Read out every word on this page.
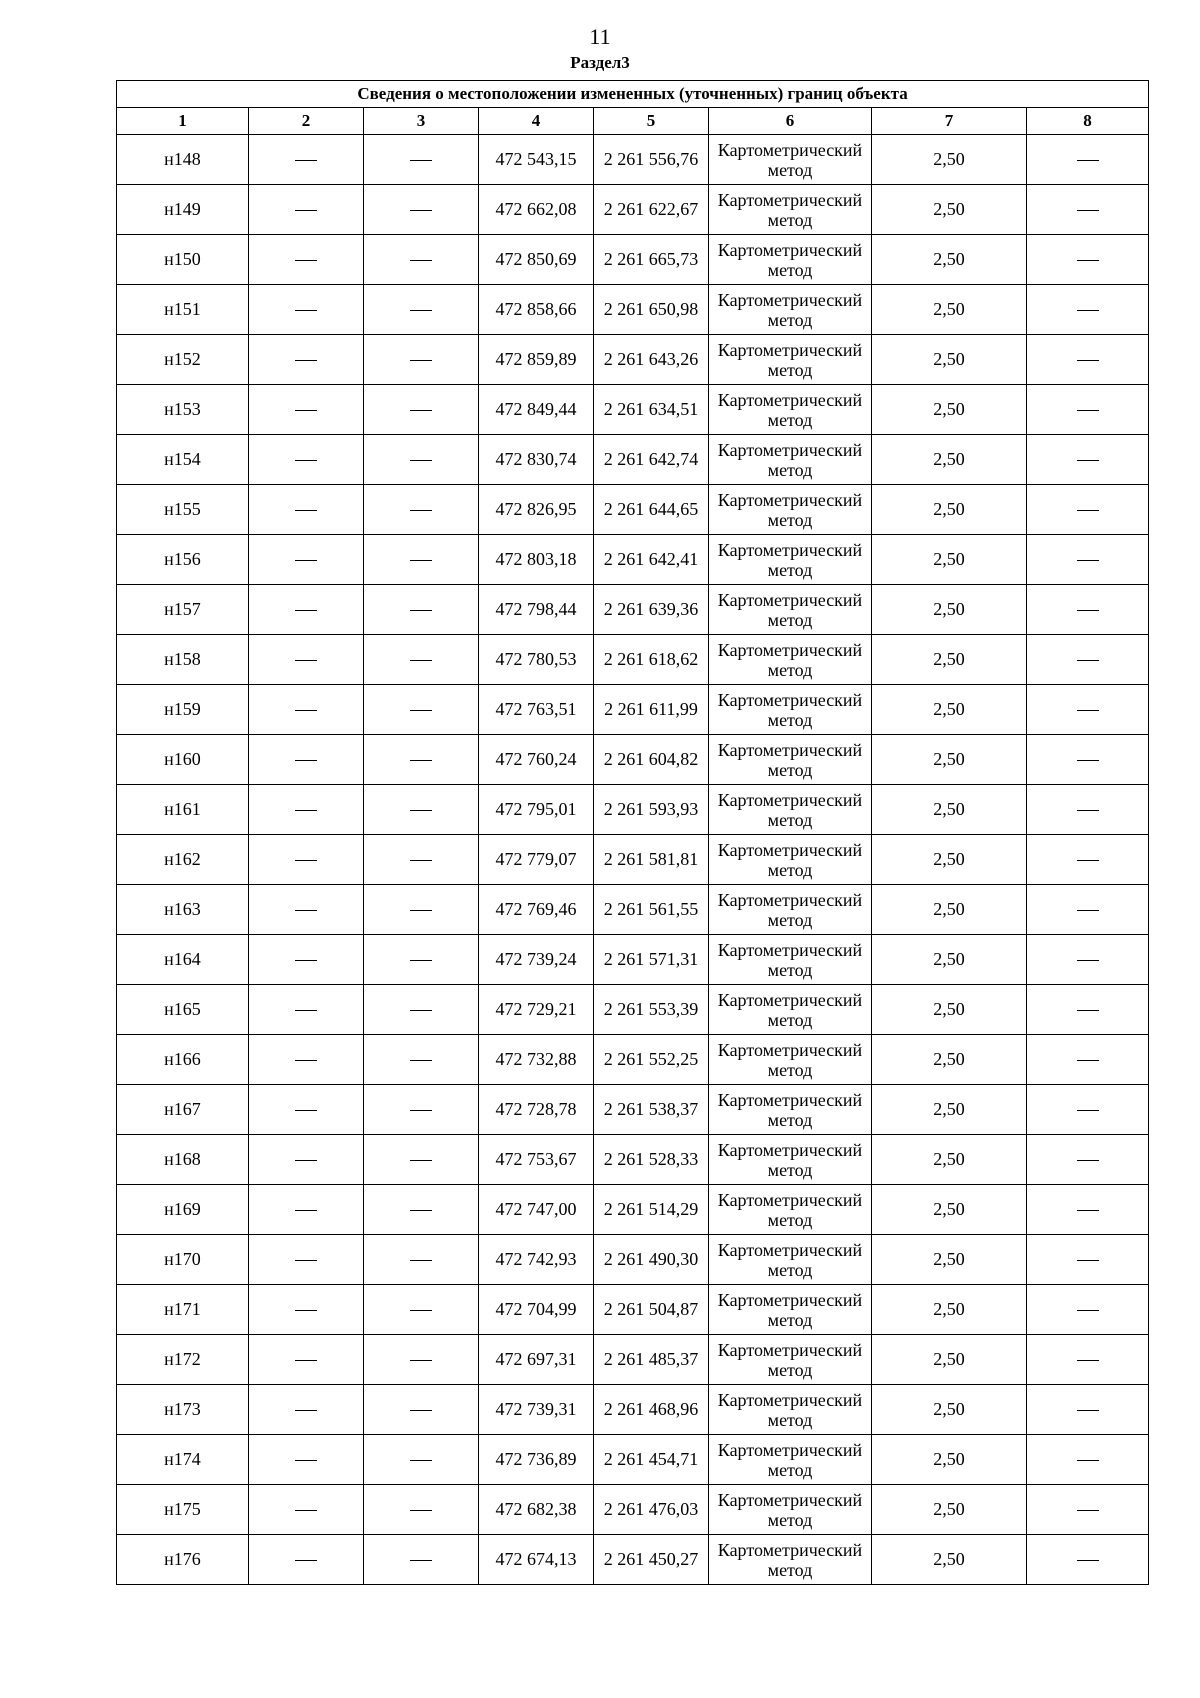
11
Раздел3
Сведения о местоположении измененных (уточненных) границ объекта							
1	2	3	4	5	6	7	8
н148			472 543,15	2 261 556,76	Картометрический метод	2,50	
н149			472 662,08	2 261 622,67	Картометрический метод	2,50	
н150			472 850,69	2 261 665,73	Картометрический метод	2,50	
н151			472 858,66	2 261 650,98	Картометрический метод	2,50	
н152			472 859,89	2 261 643,26	Картометрический метод	2,50	
н153			472 849,44	2 261 634,51	Картометрический метод	2,50	
н154			472 830,74	2 261 642,74	Картометрический метод	2,50	
н155			472 826,95	2 261 644,65	Картометрический метод	2,50	
н156			472 803,18	2 261 642,41	Картометрический метод	2,50	
н157			472 798,44	2 261 639,36	Картометрический метод	2,50	
н158			472 780,53	2 261 618,62	Картометрический метод	2,50	
н159			472 763,51	2 261 611,99	Картометрический метод	2,50	
н160			472 760,24	2 261 604,82	Картометрический метод	2,50	
н161			472 795,01	2 261 593,93	Картометрический метод	2,50	
н162			472 779,07	2 261 581,81	Картометрический метод	2,50	
н163			472 769,46	2 261 561,55	Картометрический метод	2,50	
н164			472 739,24	2 261 571,31	Картометрический метод	2,50	
н165			472 729,21	2 261 553,39	Картометрический метод	2,50	
н166			472 732,88	2 261 552,25	Картометрический метод	2,50	
н167			472 728,78	2 261 538,37	Картометрический метод	2,50	
н168			472 753,67	2 261 528,33	Картометрический метод	2,50	
н169			472 747,00	2 261 514,29	Картометрический метод	2,50	
н170			472 742,93	2 261 490,30	Картометрический метод	2,50	
н171			472 704,99	2 261 504,87	Картометрический метод	2,50	
н172			472 697,31	2 261 485,37	Картометрический метод	2,50	
н173			472 739,31	2 261 468,96	Картометрический метод	2,50	
н174			472 736,89	2 261 454,71	Картометрический метод	2,50	
н175			472 682,38	2 261 476,03	Картометрический метод	2,50	
н176			472 674,13	2 261 450,27	Картометрический метод	2,50	
